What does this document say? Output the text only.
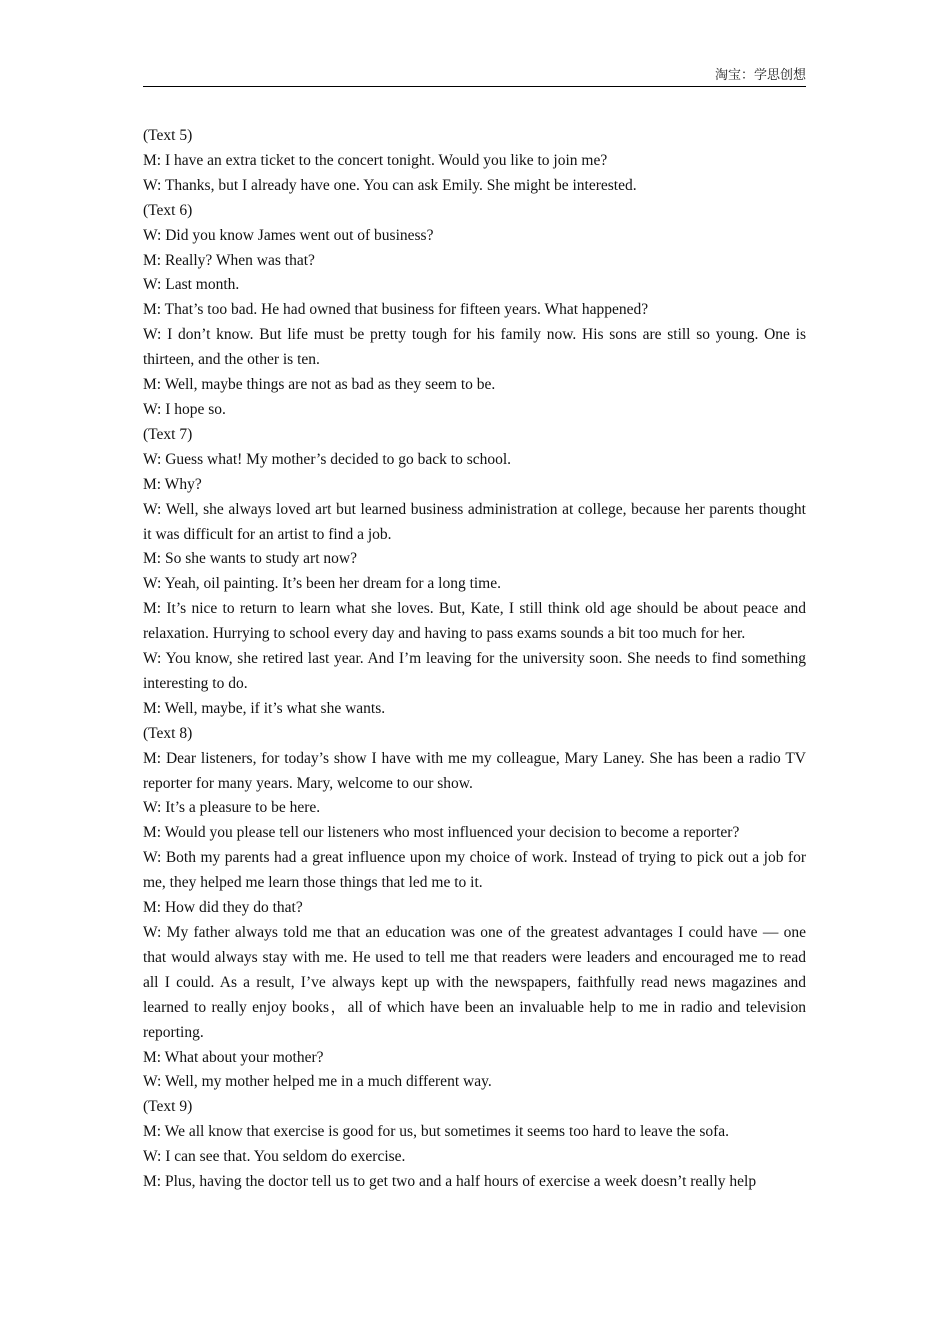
淘宝：学思创想

(Text 5)

M: I have an extra ticket to the concert tonight. Would you like to join me?

W: Thanks, but I already have one. You can ask Emily. She might be interested.

(Text 6)

W: Did you know James went out of business?

M: Really? When was that?

W: Last month.

M: That’s too bad. He had owned that business for fifteen years. What happened?

W: I don’t know. But life must be pretty tough for his family now. His sons are still so young. One is thirteen, and the other is ten.

M: Well, maybe things are not as bad as they seem to be.

W: I hope so.

(Text 7)

W: Guess what! My mother’s decided to go back to school.

M: Why?

W: Well, she always loved art but learned business administration at college, because her parents thought it was difficult for an artist to find a job.

M: So she wants to study art now?

W: Yeah, oil painting. It’s been her dream for a long time.

M: It’s nice to return to learn what she loves. But, Kate, I still think old age should be about peace and relaxation. Hurrying to school every day and having to pass exams sounds a bit too much for her.

W: You know, she retired last year. And I’m leaving for the university soon. She needs to find something interesting to do.

M: Well, maybe, if it’s what she wants.

(Text 8)

M: Dear listeners, for today’s show I have with me my colleague, Mary Laney. She has been a radio TV reporter for many years. Mary, welcome to our show.

W: It’s a pleasure to be here.

M: Would you please tell our listeners who most influenced your decision to become a reporter?

W: Both my parents had a great influence upon my choice of work. Instead of trying to pick out a job for me, they helped me learn those things that led me to it.

M: How did they do that?

W: My father always told me that an education was one of the greatest advantages I could have — one that would always stay with me. He used to tell me that readers were leaders and encouraged me to read all I could. As a result, I’ve always kept up with the newspapers, faithfully read news magazines and learned to really enjoy books，all of which have been an invaluable help to me in radio and television reporting.

M: What about your mother?

W: Well, my mother helped me in a much different way.

(Text 9)

M: We all know that exercise is good for us, but sometimes it seems too hard to leave the sofa.

W: I can see that. You seldom do exercise.

M: Plus, having the doctor tell us to get two and a half hours of exercise a week doesn’t really help
